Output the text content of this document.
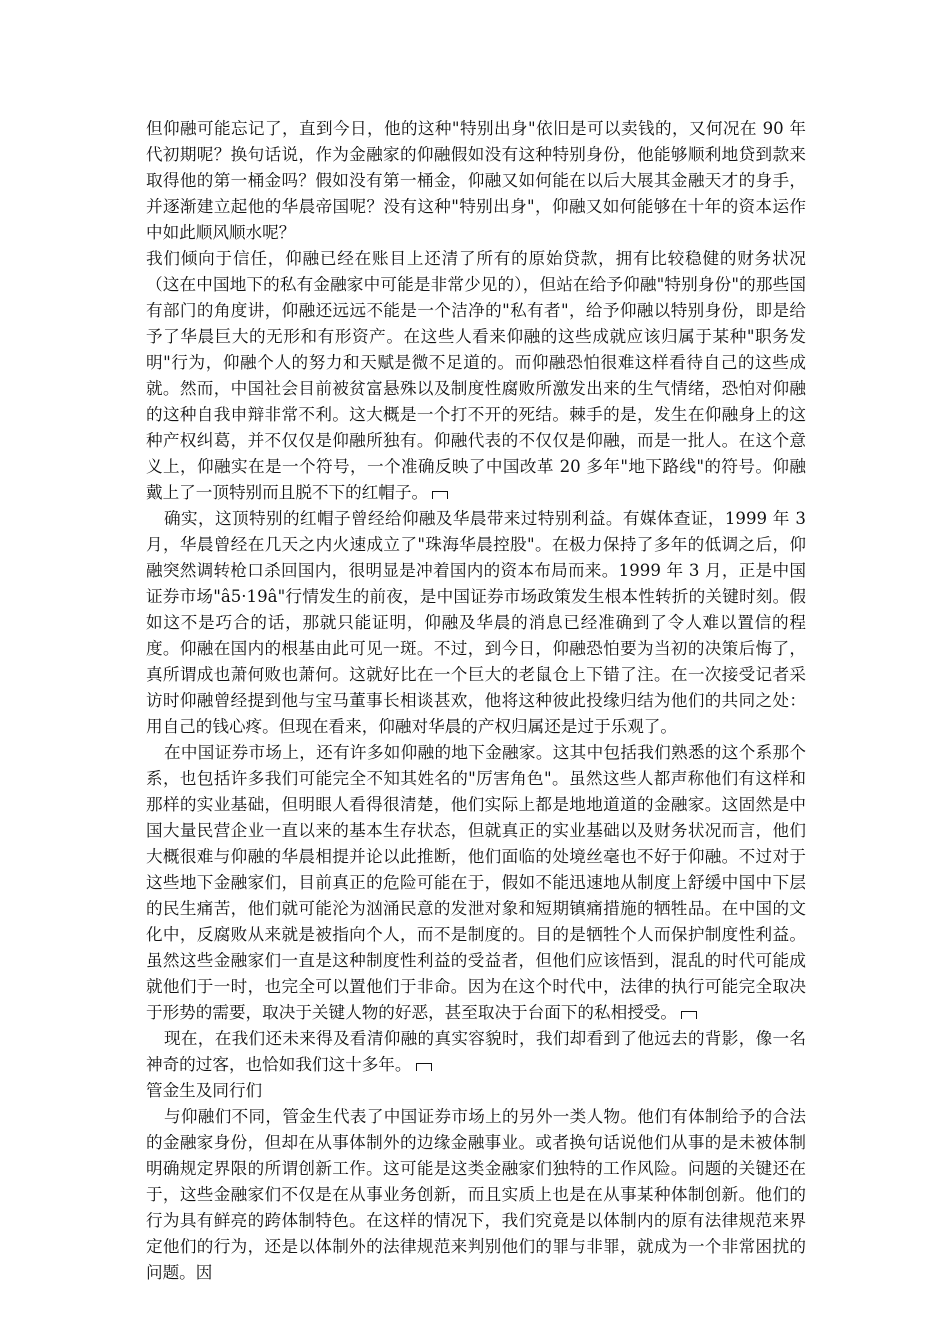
但仰融可能忘记了，直到今日，他的这种"特别出身"依旧是可以卖钱的，又何况在 90 年代初期呢？换句话说，作为金融家的仰融假如没有这种特别身份，他能够顺利地贷到款来取得他的第一桶金吗？假如没有第一桶金，仰融又如何能在以后大展其金融天才的身手，并逐渐建立起他的华晨帝国呢？没有这种"特别出身"，仰融又如何能够在十年的资本运作中如此顺风顺水呢？

我们倾向于信任，仰融已经在账目上还清了所有的原始贷款，拥有比较稳健的财务状况（这在中国地下的私有金融家中可能是非常少见的），但站在给予仰融"特别身份"的那些国有部门的角度讲，仰融还远远不能是一个洁净的"私有者"，给予仰融以特别身份，即是给予了华晨巨大的无形和有形资产。在这些人看来仰融的这些成就应该归属于某种"职务发明"行为，仰融个人的努力和天赋是微不足道的。而仰融恐怕很难这样看待自己的这些成就。然而，中国社会目前被贫富悬殊以及制度性腐败所激发出来的生气情绪，恐怕对仰融的这种自我申辩非常不利。这大概是一个打不开的死结。棘手的是，发生在仰融身上的这种产权纠葛，并不仅仅是仰融所独有。仰融代表的不仅仅是仰融，而是一批人。在这个意义上，仰融实在是一个符号，一个准确反映了中国改革 20 多年"地下路线"的符号。仰融戴上了一顶特别而且脱不下的红帽子。

确实，这顶特别的红帽子曾经给仰融及华晨带来过特别利益。有媒体查证，1999 年 3 月，华晨曾经在几天之内火速成立了"珠海华晨控股"。在极力保持了多年的低调之后，仰融突然调转枪口杀回国内，很明显是冲着国内的资本布局而来。1999 年 3 月，正是中国证券市场"â5·19â"行情发生的前夜，是中国证券市场政策发生根本性转折的关键时刻。假如这不是巧合的话，那就只能证明，仰融及华晨的消息已经准确到了令人难以置信的程度。仰融在国内的根基由此可见一斑。不过，到今日，仰融恐怕要为当初的决策后悔了，真所谓成也萧何败也萧何。这就好比在一个巨大的老鼠仓上下错了注。在一次接受记者采访时仰融曾经提到他与宝马董事长相谈甚欢，他将这种彼此投缘归结为他们的共同之处：用自己的钱心疼。但现在看来，仰融对华晨的产权归属还是过于乐观了。

在中国证券市场上，还有许多如仰融的地下金融家。这其中包括我们熟悉的这个系那个系，也包括许多我们可能完全不知其姓名的"厉害角色"。虽然这些人都声称他们有这样和那样的实业基础，但明眼人看得很清楚，他们实际上都是地地道道的金融家。这固然是中国大量民营企业一直以来的基本生存状态，但就真正的实业基础以及财务状况而言，他们大概很难与仰融的华晨相提并论以此推断，他们面临的处境丝毫也不好于仰融。不过对于这些地下金融家们，目前真正的危险可能在于，假如不能迅速地从制度上舒缓中国中下层的民生痛苦，他们就可能沦为汹涌民意的发泄对象和短期镇痛措施的牺牲品。在中国的文化中，反腐败从来就是被指向个人，而不是制度的。目的是牺牲个人而保护制度性利益。虽然这些金融家们一直是这种制度性利益的受益者，但他们应该悟到，混乱的时代可能成就他们于一时，也完全可以置他们于非命。因为在这个时代中，法律的执行可能完全取决于形势的需要，取决于关键人物的好恶，甚至取决于台面下的私相授受。

现在，在我们还未来得及看清仰融的真实容貌时，我们却看到了他远去的背影，像一名神奇的过客，也恰如我们这十多年。

管金生及同行们

与仰融们不同，管金生代表了中国证券市场上的另外一类人物。他们有体制给予的合法的金融家身份，但却在从事体制外的边缘金融事业。或者换句话说他们从事的是未被体制明确规定界限的所谓创新工作。这可能是这类金融家们独特的工作风险。问题的关键还在于，这些金融家们不仅是在从事业务创新，而且实质上也是在从事某种体制创新。他们的行为具有鲜亮的跨体制特色。在这样的情况下，我们究竟是以体制内的原有法律规范来界定他们的行为，还是以体制外的法律规范来判别他们的罪与非罪，就成为一个非常困扰的问题。因
